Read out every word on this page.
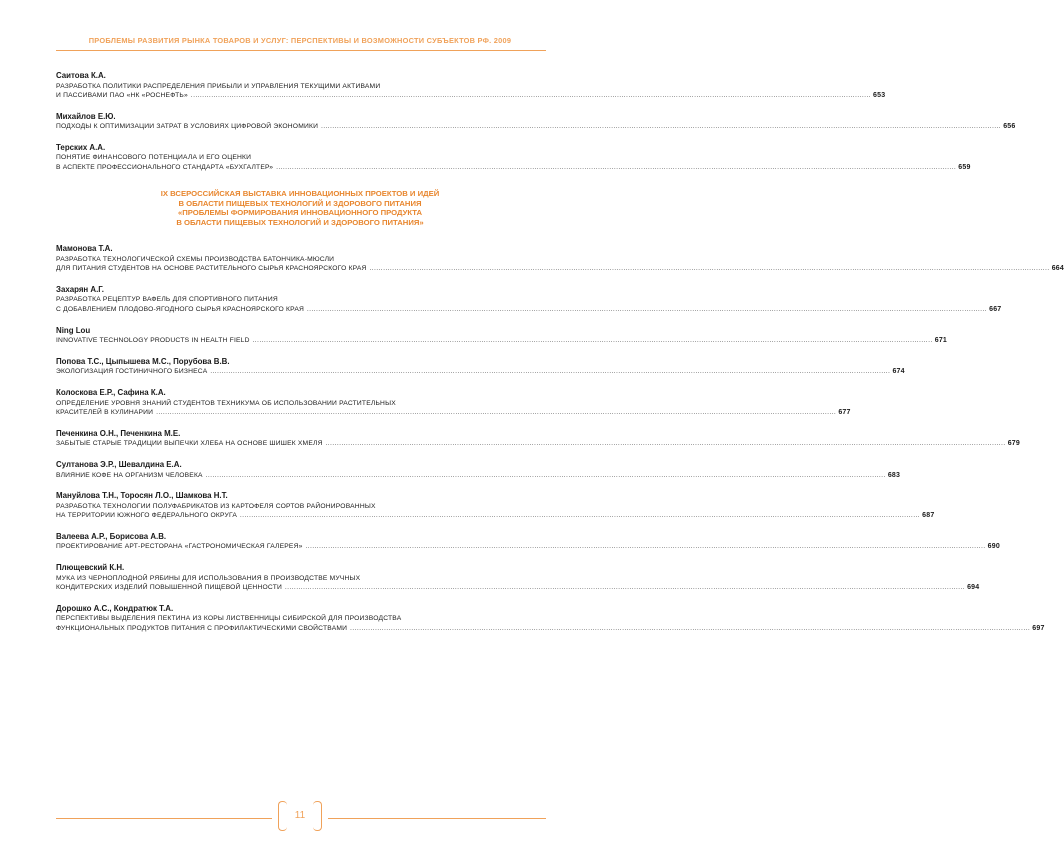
ПРОБЛЕМЫ РАЗВИТИЯ РЫНКА ТОВАРОВ И УСЛУГ: ПЕРСПЕКТИВЫ И ВОЗМОЖНОСТИ СУБЪЕКТОВ РФ. 2009
Саитова К.А.
РАЗРАБОТКА ПОЛИТИКИ РАСПРЕДЕЛЕНИЯ ПРИБЫЛИ И УПРАВЛЕНИЯ ТЕКУЩИМИ АКТИВАМИ
И ПАССИВАМИ ПАО «НК «РОСНЕФТЬ» ............................................................................................................................................................................................................................................................................................................ 653
Михайлов Е.Ю.
ПОДХОДЫ К ОПТИМИЗАЦИИ ЗАТРАТ В УСЛОВИЯХ ЦИФРОВОЙ ЭКОНОМИКИ ............................................................................................................................................................................................................................................................................................................ 656
Терских А.А.
ПОНЯТИЕ ФИНАНСОВОГО ПОТЕНЦИАЛА И ЕГО ОЦЕНКИ
В АСПЕКТЕ ПРОФЕССИОНАЛЬНОГО СТАНДАРТА «БУХГАЛТЕР» ............................................................................................................................................................................................................................................................................................................ 659
IX ВСЕРОССИЙСКАЯ ВЫСТАВКА ИННОВАЦИОННЫХ ПРОЕКТОВ И ИДЕЙ
В ОБЛАСТИ ПИЩЕВЫХ ТЕХНОЛОГИЙ И ЗДОРОВОГО ПИТАНИЯ
«ПРОБЛЕМЫ ФОРМИРОВАНИЯ ИННОВАЦИОННОГО ПРОДУКТА
В ОБЛАСТИ ПИЩЕВЫХ ТЕХНОЛОГИЙ И ЗДОРОВОГО ПИТАНИЯ»
Мамонова Т.А.
РАЗРАБОТКА ТЕХНОЛОГИЧЕСКОЙ СХЕМЫ ПРОИЗВОДСТВА БАТОНЧИКА-МЮСЛИ
ДЛЯ ПИТАНИЯ СТУДЕНТОВ НА ОСНОВЕ РАСТИТЕЛЬНОГО СЫРЬЯ КРАСНОЯРСКОГО КРАЯ ............................................................................................................................................................................................................................................................................................................ 664
Захарян А.Г.
РАЗРАБОТКА РЕЦЕПТУР ВАФЕЛЬ ДЛЯ СПОРТИВНОГО ПИТАНИЯ
С ДОБАВЛЕНИЕМ ПЛОДОВО-ЯГОДНОГО СЫРЬЯ КРАСНОЯРСКОГО КРАЯ ............................................................................................................................................................................................................................................................................................................ 667
Ning Lou
INNOVATIVE TECHNOLOGY PRODUCTS IN HEALTH FIELD ............................................................................................................................................................................................................................................................................................................ 671
Попова Т.С., Цыпышева М.С., Порубова В.В.
ЭКОЛОГИЗАЦИЯ ГОСТИНИЧНОГО БИЗНЕСА ............................................................................................................................................................................................................................................................................................................ 674
Колоскова Е.Р., Сафина К.А.
ОПРЕДЕЛЕНИЕ УРОВНЯ ЗНАНИЙ СТУДЕНТОВ ТЕХНИКУМА ОБ ИСПОЛЬЗОВАНИИ РАСТИТЕЛЬНЫХ
КРАСИТЕЛЕЙ В КУЛИНАРИИ ............................................................................................................................................................................................................................................................................................................ 677
Печенкина О.Н., Печенкина М.Е.
ЗАБЫТЫЕ СТАРЫЕ ТРАДИЦИИ ВЫПЕЧКИ ХЛЕБА НА ОСНОВЕ ШИШЕК ХМЕЛЯ ............................................................................................................................................................................................................................................................................................................ 679
Султанова Э.Р., Шевалдина Е.А.
ВЛИЯНИЕ КОФЕ НА ОРГАНИЗМ ЧЕЛОВЕКА ............................................................................................................................................................................................................................................................................................................ 683
Мануйлова Т.Н., Торосян Л.О., Шамкова Н.Т.
РАЗРАБОТКА ТЕХНОЛОГИИ ПОЛУФАБРИКАТОВ ИЗ КАРТОФЕЛЯ СОРТОВ РАЙОНИРОВАННЫХ
НА ТЕРРИТОРИИ ЮЖНОГО ФЕДЕРАЛЬНОГО ОКРУГА ............................................................................................................................................................................................................................................................................................................ 687
Валеева А.Р., Борисова А.В.
ПРОЕКТИРОВАНИЕ АРТ-РЕСТОРАНА «ГАСТРОНОМИЧЕСКАЯ ГАЛЕРЕЯ» ............................................................................................................................................................................................................................................................................................................ 690
Плющевский К.Н.
МУКА ИЗ ЧЕРНОПЛОДНОЙ РЯБИНЫ ДЛЯ ИСПОЛЬЗОВАНИЯ В ПРОИЗВОДСТВЕ МУЧНЫХ
КОНДИТЕРСКИХ ИЗДЕЛИЙ ПОВЫШЕННОЙ ПИЩЕВОЙ ЦЕННОСТИ ............................................................................................................................................................................................................................................................................................................ 694
Дорошко А.С., Кондратюк Т.А.
ПЕРСПЕКТИВЫ ВЫДЕЛЕНИЯ ПЕКТИНА ИЗ КОРЫ ЛИСТВЕННИЦЫ СИБИРСКОЙ ДЛЯ ПРОИЗВОДСТВА
ФУНКЦИОНАЛЬНЫХ ПРОДУКТОВ ПИТАНИЯ С ПРОФИЛАКТИЧЕСКИМИ СВОЙСТВАМИ ............................................................................................................................................................................................................................................................................................................ 697
11
